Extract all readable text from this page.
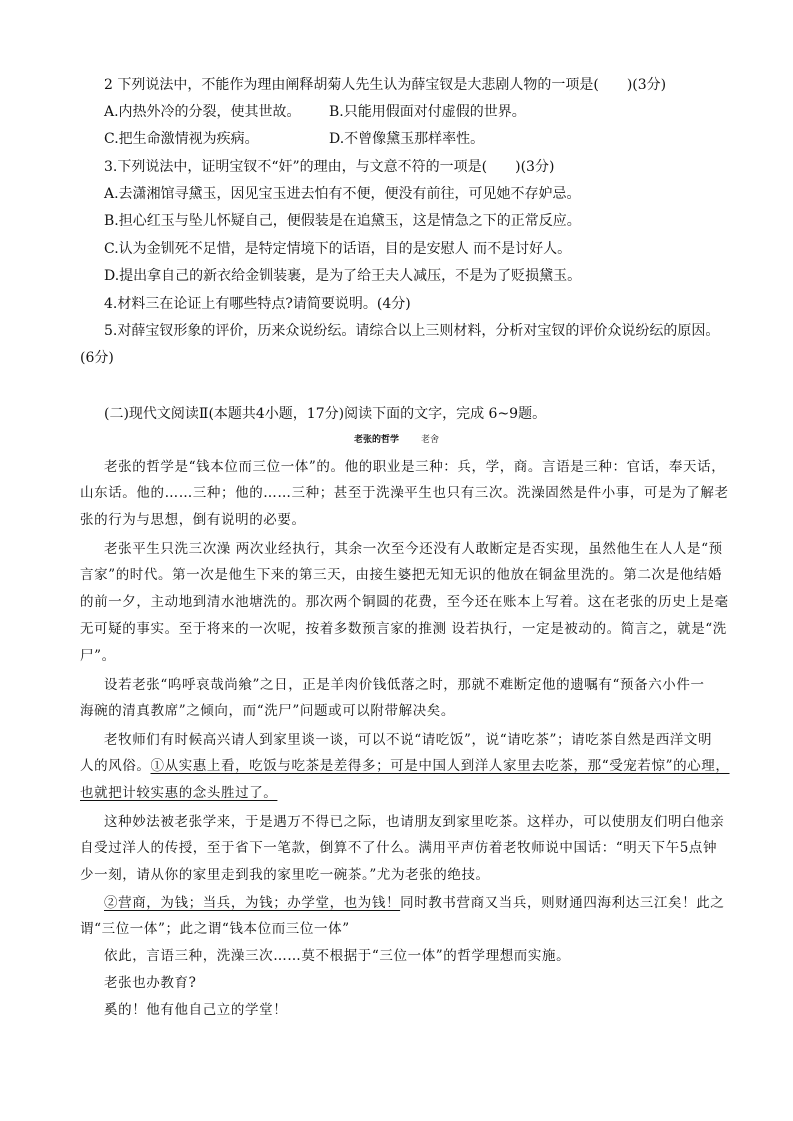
2 下列说法中，不能作为理由阐释胡菊人先生认为薛宝钗是大悲剧人物的一项是(　　)(3分)
A.内热外冷的分裂，使其世故。 B.只能用假面对付虚假的世界。
C.把生命激情视为疾病。	D.不曾像黛玉那样率性。
3.下列说法中，证明宝钗不“奸”的理由，与文意不符的一项是(　　)(3分)
A.去潇湘馆寻黛玉，因见宝玉进去怕有不便，便没有前往，可见她不存妒忌。
B.担心红玉与坠儿怀疑自己，便假装是在追黛玉，这是情急之下的正常反应。
C.认为金钏死不足惜，是特定情境下的话语，目的是安慰人 而不是讨好人。
D.提出拿自己的新衣给金钏装裹，是为了给王夫人减压，不是为了贬损黛玉。
4.材料三在论证上有哪些特点?请简要说明。(4分)
5.对薛宝钗形象的评价，历来众说纷纭。请综合以上三则材料，分析对宝钗的评价众说纷纭的原因。
(6分)
(二)现代文阅读Ⅱ(本题共4小题，17分)阅读下面的文字，完成 6~9题。
老张的哲学 老舍
老张的哲学是“钱本位而三位一体”的。他的职业是三种：兵，学，商。言语是三种：官话，奉天话，
山东话。他的……三种；他的……三种；甚至于洗澡平生也只有三次。洗澡固然是件小事，可是为了解老
张的行为与思想，倒有说明的必要。
老张平生只洗三次澡 两次业经执行，其余一次至今还没有人敢断定是否实现，虽然他生在人人是“预
言家”的时代。第一次是他生下来的第三天，由接生婆把无知无识的他放在铜盆里洗的。第二次是他结婚
的前一夕，主动地到清水池塘洗的。那次两个铜圆的花费，至今还在账本上写着。这在老张的历史上是毫
无可疑的事实。至于将来的一次呢，按着多数预言家的推测 设若执行，一定是被动的。简言之，就是“洗
尸”。
设若老张“呜呼哀哉尚飨”之日，正是羊肉价钱低落之时，那就不难断定他的遗嘱有“预备六小件一
海碗的清真教席”之倾向，而“洗尸”问题或可以附带解决矣。
老牧师们有时候高兴请人到家里谈一谈，可以不说“请吃饭”，说“请吃茶”；请吃茶自然是西洋文明
人的风俗。①从实惠上看，吃饭与吃茶是差得多；可是中国人到洋人家里去吃茶，那“受宠若惊”的心理，
也就把计较实惠的念头胜过了。
这种妙法被老张学来，于是遇万不得已之际，也请朋友到家里吃茶。这样办，可以使朋友们明白他亲
自受过洋人的传授，至于省下一笔款，倒算不了什么。满用平声仿着老牧师说中国话：“明天下午5点钟
少一刻，请从你的家里走到我的家里吃一碗茶。”尤为老张的绝技。
②营商，为钱；当兵，为钱；办学堂，也为钱！同时教书营商又当兵，则财通四海利达三江矣！此之
谓“三位一体”；此之谓“钱本位而三位一体”
依此，言语三种，洗澡三次……莫不根据于“三位一体”的哲学理想而实施。
老张也办教育?
奚的！他有他自己立的学堂！
